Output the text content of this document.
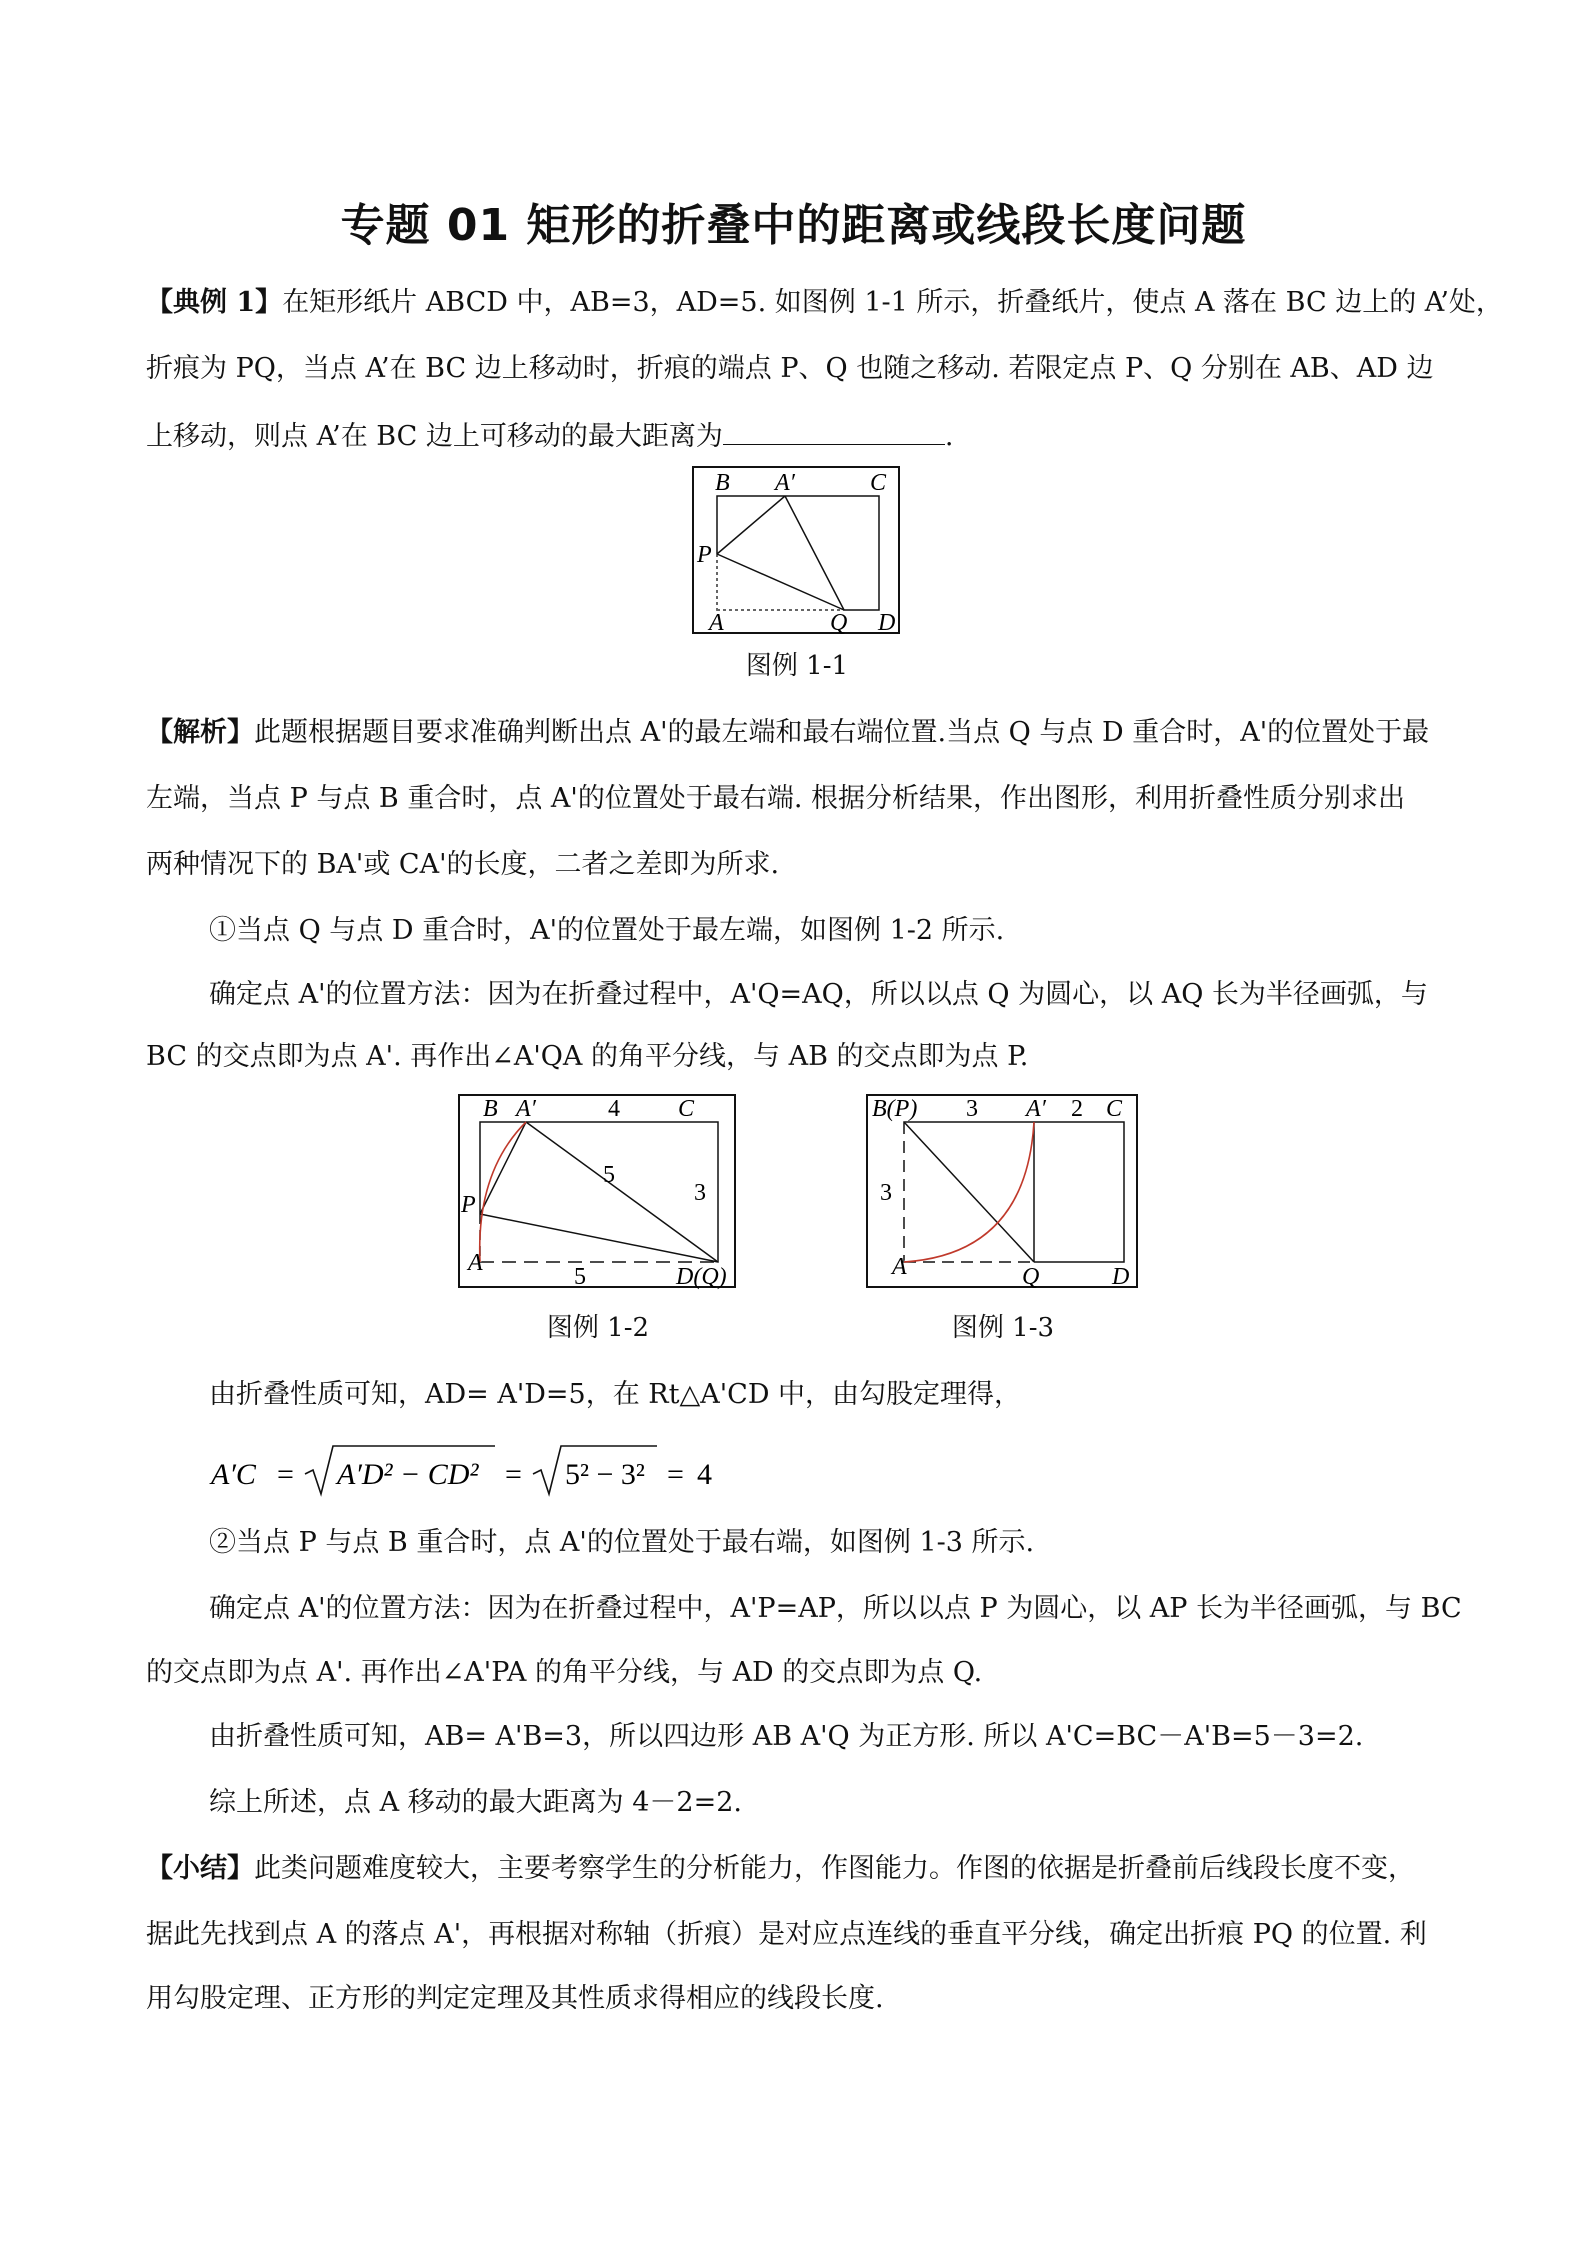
专题 01 矩形的折叠中的距离或线段长度问题
【典例 1】在矩形纸片 ABCD 中，AB=3，AD=5. 如图例 1-1 所示，折叠纸片，使点 A 落在 BC 边上的 A’处，
折痕为 PQ，当点 A’在 BC 边上移动时，折痕的端点 P、Q 也随之移动. 若限定点 P、Q 分别在 AB、AD 边
上移动，则点 A’在 BC 边上可移动的最大距离为	.
B A′	C
P
A	Q D
图例 1-1
【解析】此题根据题目要求准确判断出点 A'的最左端和最右端位置.当点 Q 与点 D 重合时，A'的位置处于最
左端，当点 P 与点 B 重合时，点 A'的位置处于最右端. 根据分析结果，作出图形，利用折叠性质分别求出
两种情况下的 BA'或 CA'的长度，二者之差即为所求.
①当点 Q 与点 D 重合时，A'的位置处于最左端，如图例 1-2 所示.
确定点 A'的位置方法：因为在折叠过程中，A'Q=AQ，所以以点 Q 为圆心，以 AQ 长为半径画弧，与
BC 的交点即为点 A'. 再作出∠A'QA 的角平分线，与 AB 的交点即为点 P.
B A′	4 C
P
5
3
A
5	D(Q)
图例 1-2
B(P) 3 A′ 2 C
3
A	Q	D
图例 1-3
由折叠性质可知，AD= A'D=5，在 Rt△A'CD 中，由勾股定理得，
A′C = A′D² − CD² = 5² − 3² = 4
②当点 P 与点 B 重合时，点 A'的位置处于最右端，如图例 1-3 所示.
确定点 A'的位置方法：因为在折叠过程中，A'P=AP，所以以点 P 为圆心，以 AP 长为半径画弧，与 BC
的交点即为点 A'. 再作出∠A'PA 的角平分线，与 AD 的交点即为点 Q.
由折叠性质可知，AB= A'B=3，所以四边形 AB A'Q 为正方形. 所以 A'C=BC－A'B=5－3=2.
综上所述，点 A 移动的最大距离为 4－2=2.
【小结】此类问题难度较大，主要考察学生的分析能力，作图能力。作图的依据是折叠前后线段长度不变，
据此先找到点 A 的落点 A'，再根据对称轴（折痕）是对应点连线的垂直平分线，确定出折痕 PQ 的位置. 利
用勾股定理、正方形的判定定理及其性质求得相应的线段长度.
